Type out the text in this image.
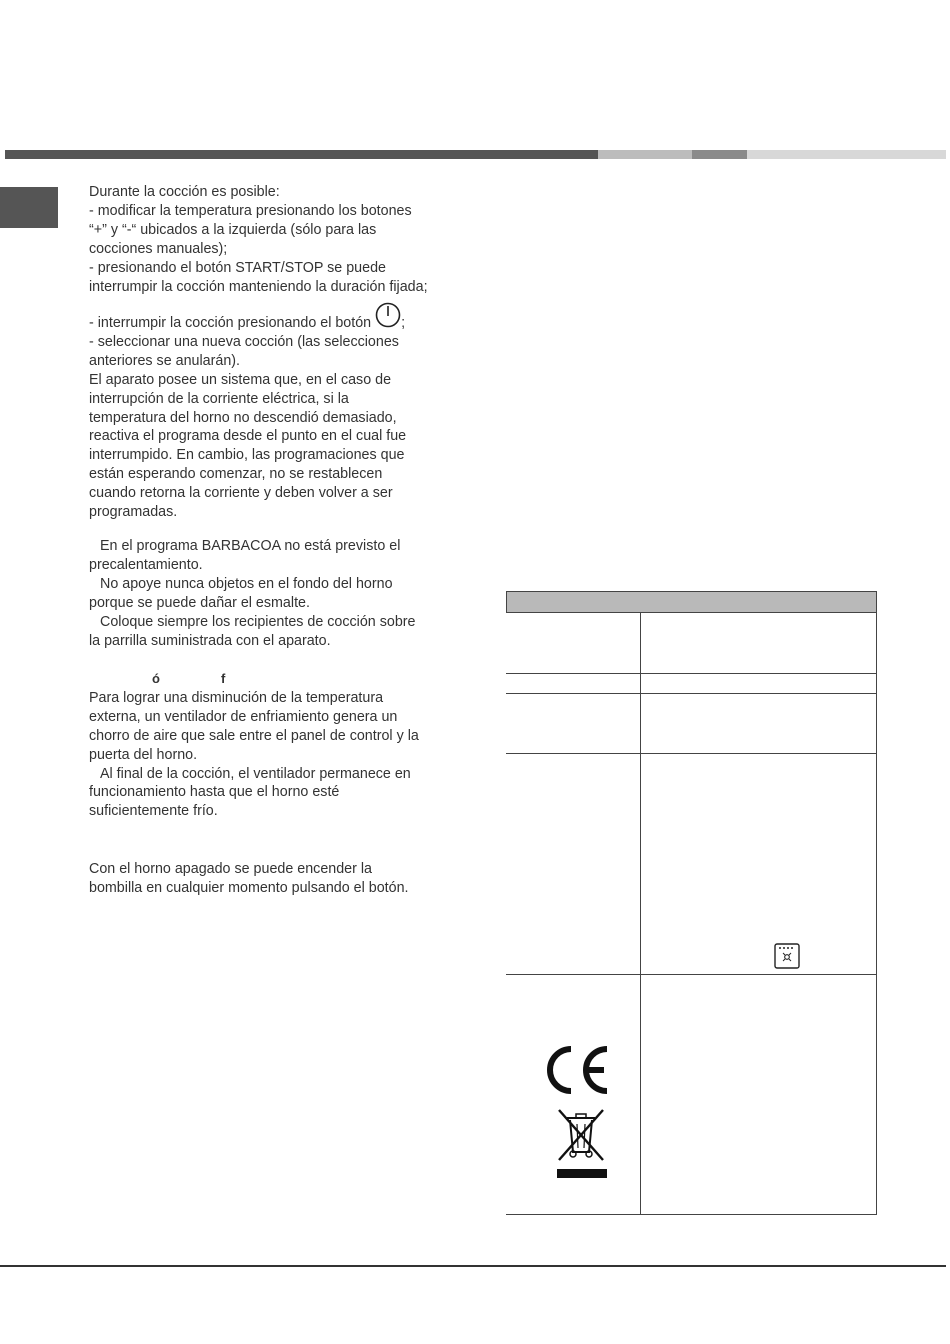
Durante la cocción es posible:

- modificar la temperatura presionando los botones

“+” y “-“ ubicados a la izquierda (sólo para las

cocciones manuales);

- presionando el botón START/STOP se puede

interrumpir la cocción manteniendo la duración fijada;

- interrumpir la cocción presionando el botón ;

- seleccionar una nueva cocción (las selecciones

anteriores se anularán).

El aparato posee un sistema que, en el caso de

interrupción de la corriente eléctrica, si la

temperatura del horno no descendió demasiado,

reactiva el programa desde el punto en el cual fue

interrumpido. En cambio, las programaciones que

están esperando comenzar, no se restablecen

cuando retorna la corriente y deben volver a ser

programadas.

En el programa BARBACOA no está previsto el

precalentamiento.

No apoye nunca objetos en el fondo del horno

porque se puede dañar el esmalte.

Coloque siempre los recipientes de cocción sobre

la parrilla suministrada con el aparato.

ó	f

Para lograr una disminución de la temperatura

externa, un ventilador de enfriamiento genera un

chorro de aire que sale entre el panel de control y la

puerta del horno.

Al final de la cocción, el ventilador permanece en

funcionamiento hasta que el horno esté

suficientemente frío.

Con el horno apagado se puede encender la

bombilla en cualquier momento pulsando el botón.
